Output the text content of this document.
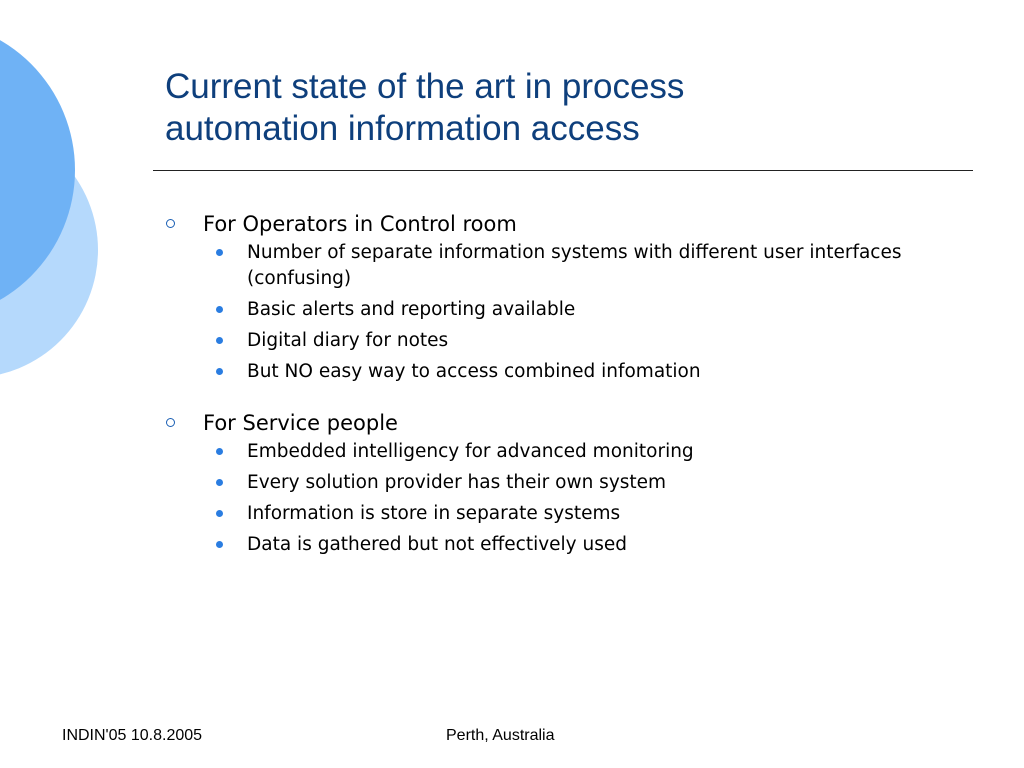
Current state of the art in process
automation information access
For Operators in Control room
Number of separate information systems with different user interfaces (confusing)
Basic alerts and reporting available
Digital diary for notes
But NO easy way to access combined infomation
For Service people
Embedded intelligency for advanced monitoring
Every solution provider has their own system
Information is store in separate systems
Data is gathered but not effectively used
INDIN'05 10.8.2005	Perth, Australia
